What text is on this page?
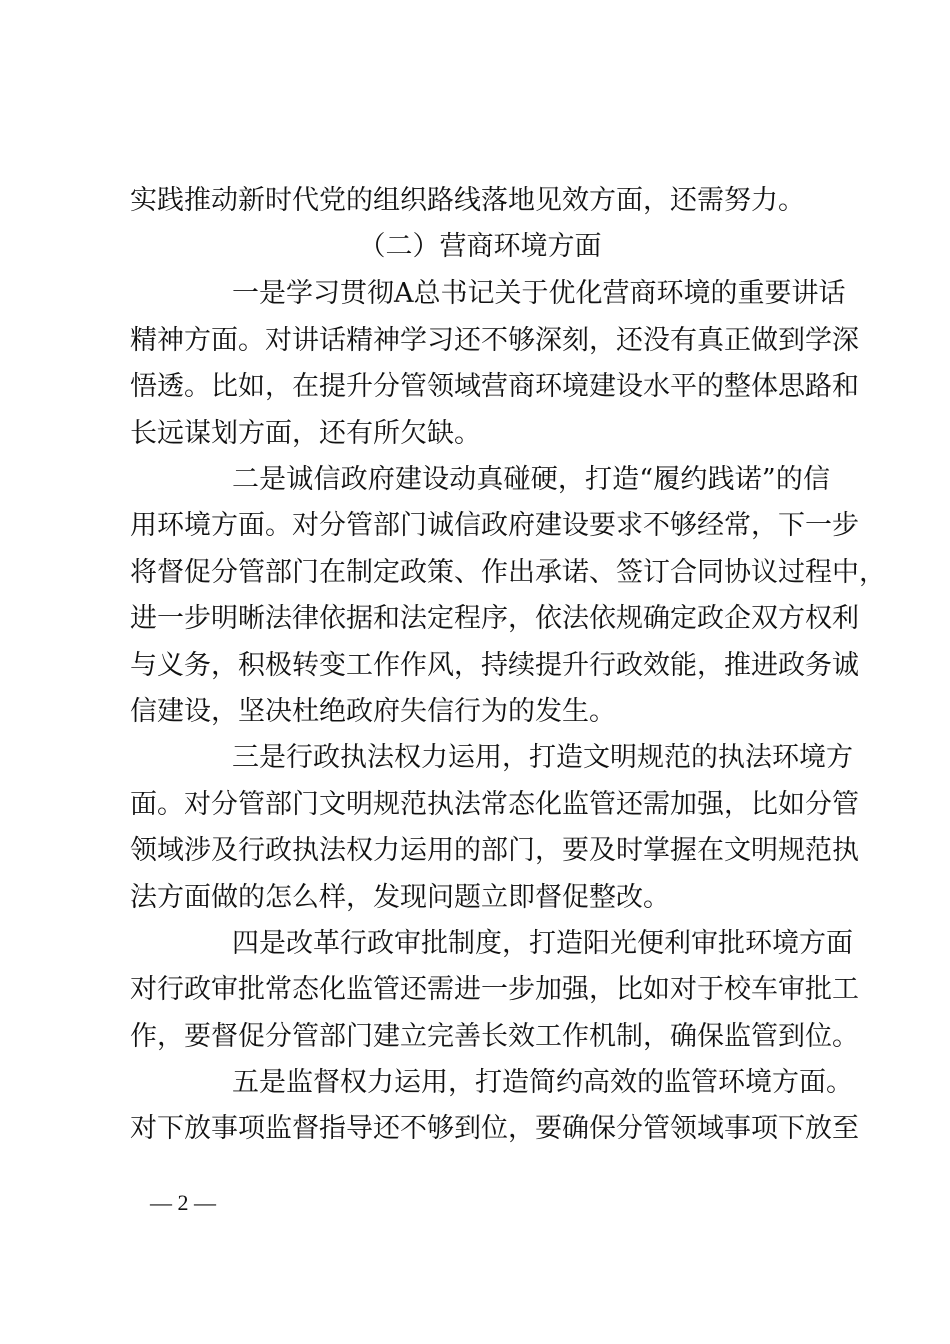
实践推动新时代党的组织路线落地见效方面，还需努力。
（二）营商环境方面
一是学习贯彻A总书记关于优化营商环境的重要讲话
精神方面。对讲话精神学习还不够深刻，还没有真正做到学深
悟透。比如，在提升分管领域营商环境建设水平的整体思路和
长远谋划方面，还有所欠缺。
二是诚信政府建设动真碰硬，打造“履约践诺”的信
用环境方面。对分管部门诚信政府建设要求不够经常，下一步
将督促分管部门在制定政策、作出承诺、签订合同协议过程中，
进一步明晰法律依据和法定程序，依法依规确定政企双方权利
与义务，积极转变工作作风，持续提升行政效能，推进政务诚
信建设，坚决杜绝政府失信行为的发生。
三是行政执法权力运用，打造文明规范的执法环境方
面。对分管部门文明规范执法常态化监管还需加强，比如分管
领域涉及行政执法权力运用的部门，要及时掌握在文明规范执
法方面做的怎么样，发现问题立即督促整改。
四是改革行政审批制度，打造阳光便利审批环境方面
对行政审批常态化监管还需进一步加强，比如对于校车审批工
作，要督促分管部门建立完善长效工作机制，确保监管到位。
五是监督权力运用，打造简约高效的监管环境方面。
对下放事项监督指导还不够到位，要确保分管领域事项下放至
— 2 —
